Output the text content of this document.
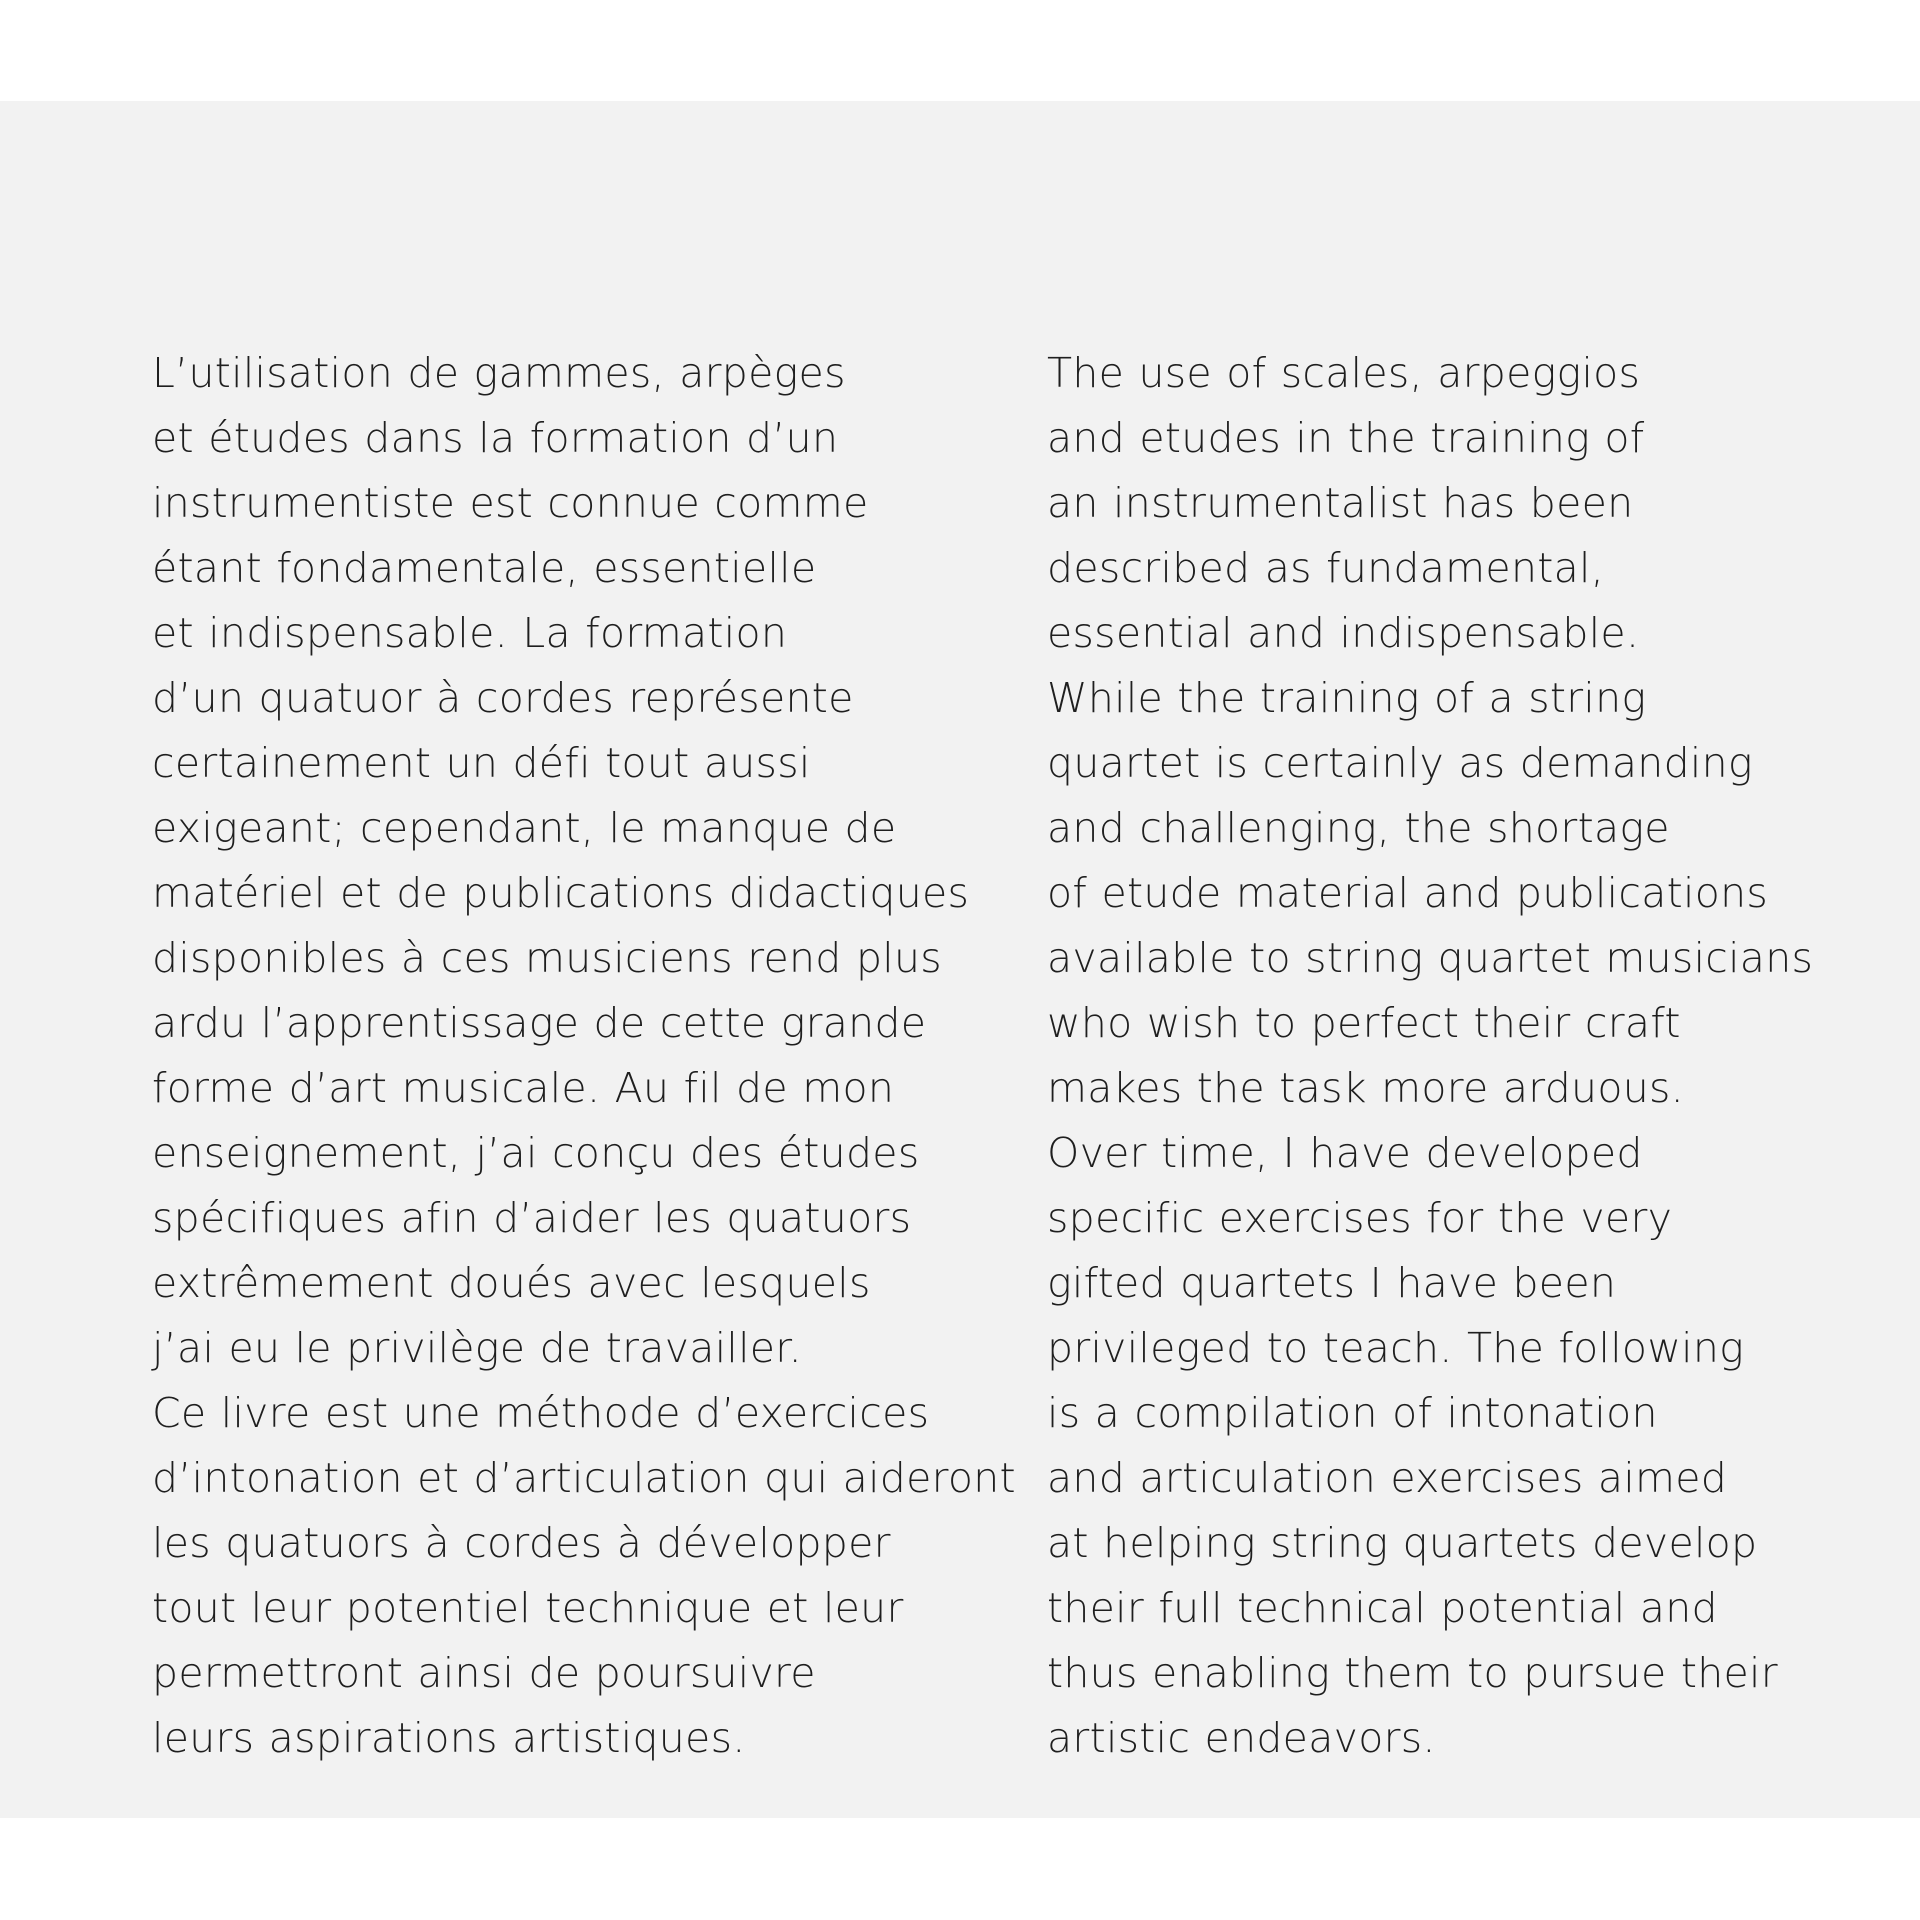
L’utilisation de gammes, arpèges
et études dans la formation d’un
instrumentiste est connue comme
étant fondamentale, essentielle
et indispensable. La formation
d’un quatuor à cordes représente
certainement un défi tout aussi
exigeant; cependant, le manque de
matériel et de publications didactiques
disponibles à ces musiciens rend plus
ardu l’apprentissage de cette grande
forme d’art musicale. Au fil de mon
enseignement, j’ai conçu des études
spécifiques afin d’aider les quatuors
extrêmement doués avec lesquels
j’ai eu le privilège de travailler.
Ce livre est une méthode d’exercices
d’intonation et d’articulation qui aideront
les quatuors à cordes à développer
tout leur potentiel technique et leur
permettront ainsi de poursuivre
leurs aspirations artistiques.
The use of scales, arpeggios
and etudes in the training of
an instrumentalist has been
described as fundamental,
essential and indispensable.
While the training of a string
quartet is certainly as demanding
and challenging, the shortage
of etude material and publications
available to string quartet musicians
who wish to perfect their craft
makes the task more arduous.
Over time, I have developed
specific exercises for the very
gifted quartets I have been
privileged to teach. The following
is a compilation of intonation
and articulation exercises aimed
at helping string quartets develop
their full technical potential and
thus enabling them to pursue their
artistic endeavors.
